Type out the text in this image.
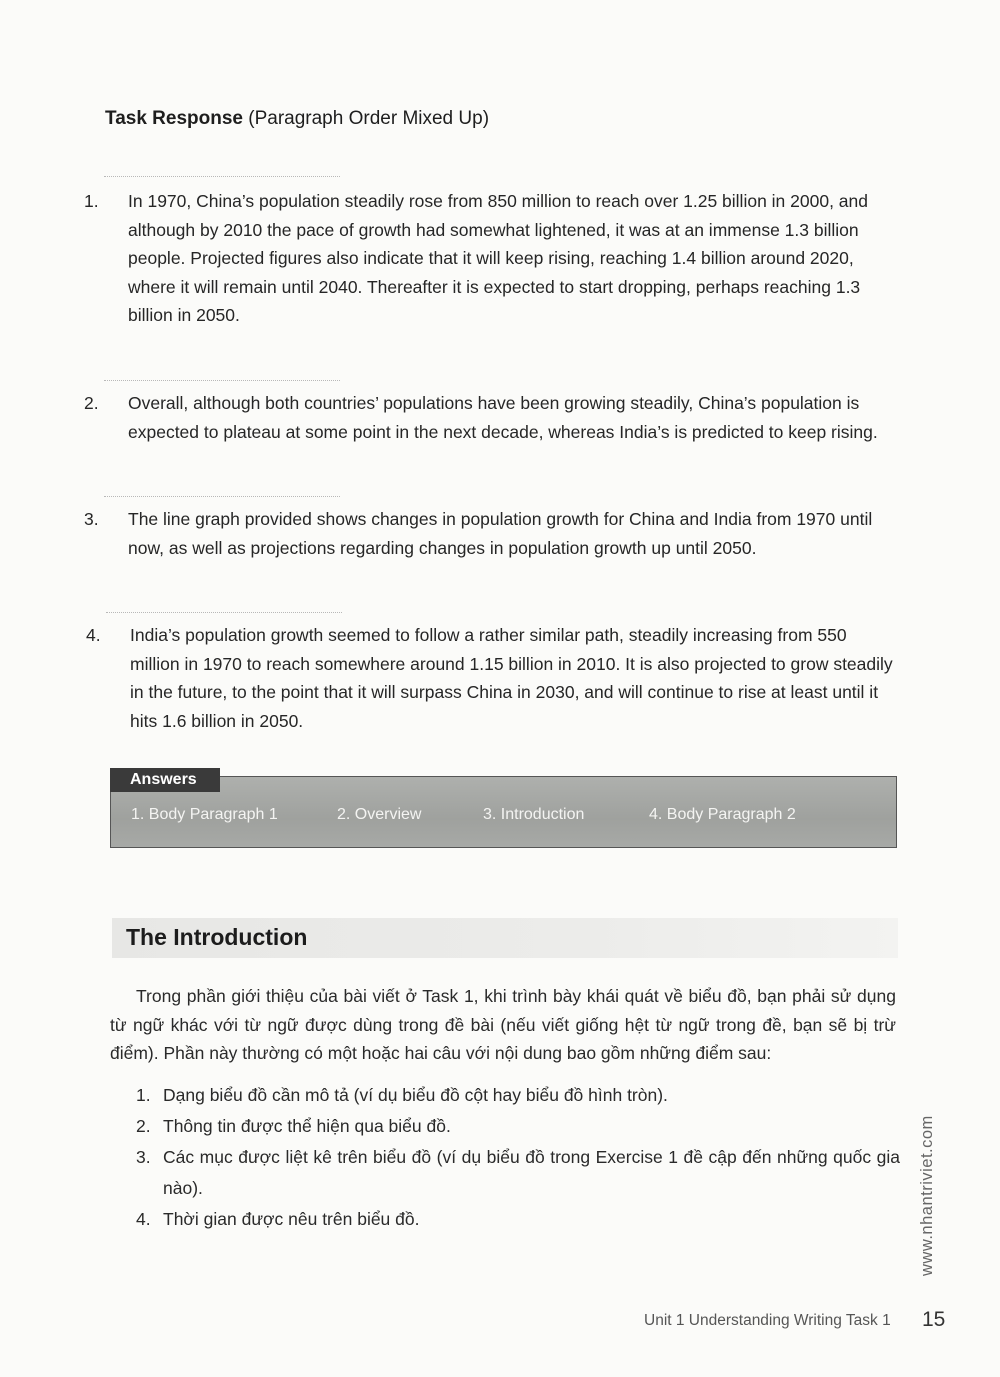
Task Response (Paragraph Order Mixed Up)
1. In 1970, China’s population steadily rose from 850 million to reach over 1.25 billion in 2000, and although by 2010 the pace of growth had somewhat lightened, it was at an immense 1.3 billion people. Projected figures also indicate that it will keep rising, reaching 1.4 billion around 2020, where it will remain until 2040. Thereafter it is expected to start dropping, perhaps reaching 1.3 billion in 2050.
2. Overall, although both countries’ populations have been growing steadily, China’s population is expected to plateau at some point in the next decade, whereas India’s is predicted to keep rising.
3. The line graph provided shows changes in population growth for China and India from 1970 until now, as well as projections regarding changes in population growth up until 2050.
4. India’s population growth seemed to follow a rather similar path, steadily increasing from 550 million in 1970 to reach somewhere around 1.15 billion in 2010. It is also projected to grow steadily in the future, to the point that it will surpass China in 2030, and will continue to rise at least until it hits 1.6 billion in 2050.
Answers
1. Body Paragraph 1	2. Overview	3. Introduction	4. Body Paragraph 2
The Introduction
Trong phần giới thiệu của bài viết ở Task 1, khi trình bày khái quát về biểu đồ, bạn phải sử dụng từ ngữ khác với từ ngữ được dùng trong đề bài (nếu viết giống hệt từ ngữ trong đề, bạn sẽ bị trừ điểm). Phần này thường có một hoặc hai câu với nội dung bao gồm những điểm sau:
1. Dạng biểu đồ cần mô tả (ví dụ biểu đồ cột hay biểu đồ hình tròn).
2. Thông tin được thể hiện qua biểu đồ.
3. Các mục được liệt kê trên biểu đồ (ví dụ biểu đồ trong Exercise 1 đề cập đến những quốc gia nào).
4. Thời gian được nêu trên biểu đồ.	www.nhantriviet.com
Unit 1 Understanding Writing Task 1 15
